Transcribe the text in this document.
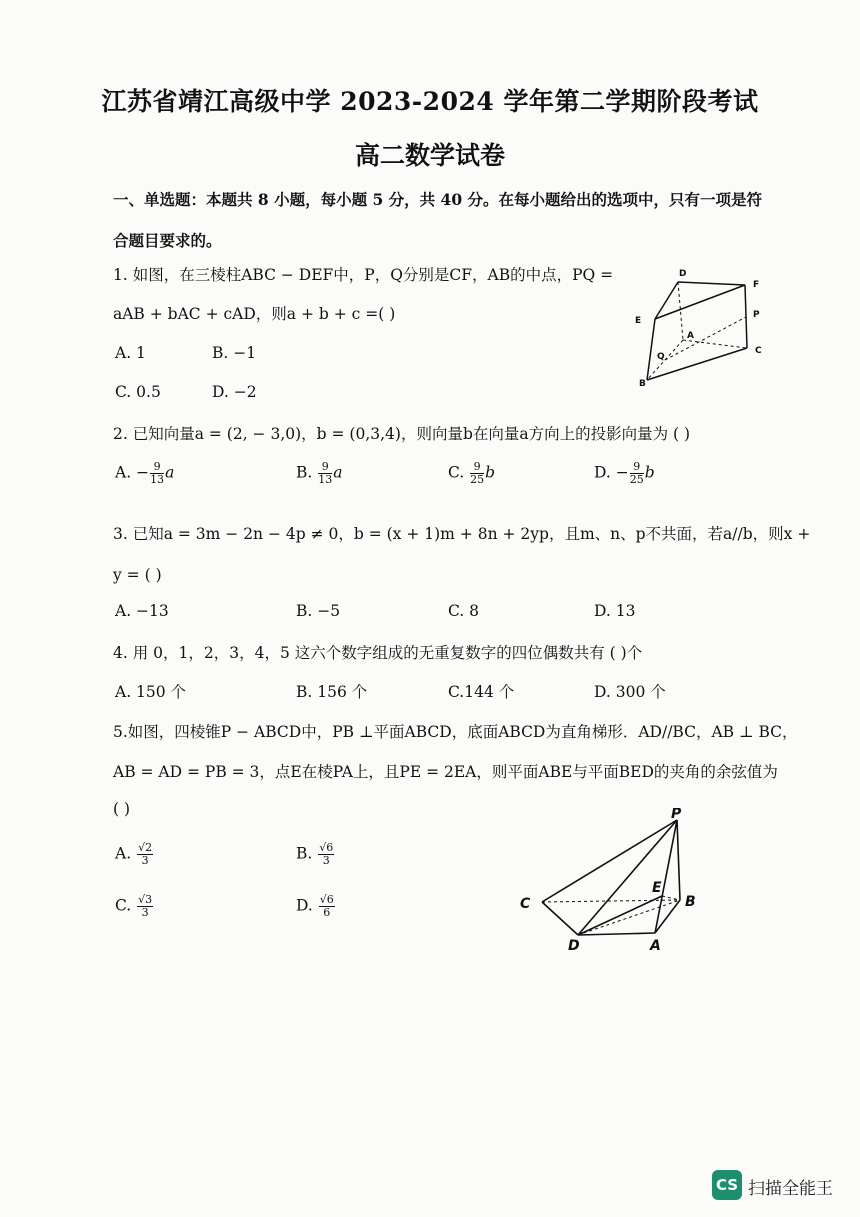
江苏省靖江高级中学 2023-2024 学年第二学期阶段考试
高二数学试卷
一、单选题：本题共 8 小题，每小题 5 分，共 40 分。在每小题给出的选项中，只有一项是符
合题目要求的。
1. 如图，在三棱柱ABC − DEF中，P，Q分别是CF，AB的中点，PQ =
aAB + bAC + cAD，则a + b + c =( )
A. 1	B. −1
C. 0.5	D. −2
D
F
E
P
A
C
Q
B
2. 已知向量a = (2, − 3,0)，b = (0,3,4)，则向量b在向量a方向上的投影向量为 ( )
A. − $\frac{9}{13}$ a	B. $\frac{9}{13}$ a	C. $\frac{9}{25}$ b	D. − $\frac{9}{25}$ b
3. 已知a = 3m − 2n − 4p ≠ 0，b = (x + 1)m + 8n + 2yp，且m、n、p不共面，若a//b，则x +
y = ( )
A. −13	B. −5	C. 8	D. 13
4. 用 0，1，2，3，4，5 这六个数字组成的无重复数字的四位偶数共有 ( )个
A. 150 个	B. 156 个	C.144 个	D. 300 个
5.如图，四棱锥P − ABCD中，PB ⊥平面ABCD，底面ABCD为直角梯形．AD//BC，AB ⊥ BC，
AB = AD = PB = 3，点E在棱PA上，且PE = 2EA，则平面ABE与平面BED的夹角的余弦值为
( )
A. $\frac{√2}{3}$	B. $\frac{√6}{3}$
C. $\frac{√3}{3}$	D. $\frac{√6}{6}$
P
E
C	B
D	A
CS 扫描全能王
